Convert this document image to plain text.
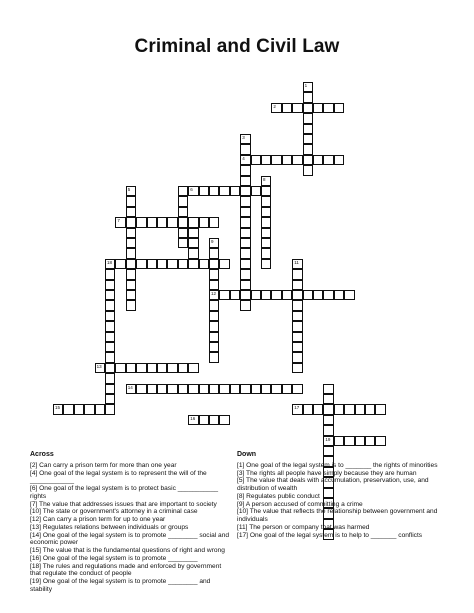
Criminal and Civil Law
1
2
3
4
5	6
7
8
9
12
18	11
13
14
15
16
17
19
Across
[2] Can carry a prison term for more than one year
[4] One goal of the legal system is to represent the will of the ____________
[6] One goal of the legal system is to protect basic ___________ rights
[7] The value that addresses issues that are important to society
[10] The state or government's attorney in a criminal case
[12] Can carry a prison term for up to one year
[13] Regulates relations between individuals or groups
[14] One goal of the legal system is to promote ________ social and economic power
[15] The value that is the fundamental questions of right and wrong
[16] One goal of the legal system is to promote ________
[18] The rules and regulations made and enforced by government that regulate the conduct of people
[19] One goal of the legal system is to promote ________ and stability
Down
[1] One goal of the legal system is to _______ the rights of minorities
[3] The rights all people have simply because they are human
[5] The value that deals with accumulation, preservation, use, and distribution of wealth
[8] Regulates public conduct
[9] A person accused of committing a crime
[10] The value that reflects the relationship between government and individuals
[11] The person or company that was harmed
[17] One goal of the legal system is to help to _______ conflicts
